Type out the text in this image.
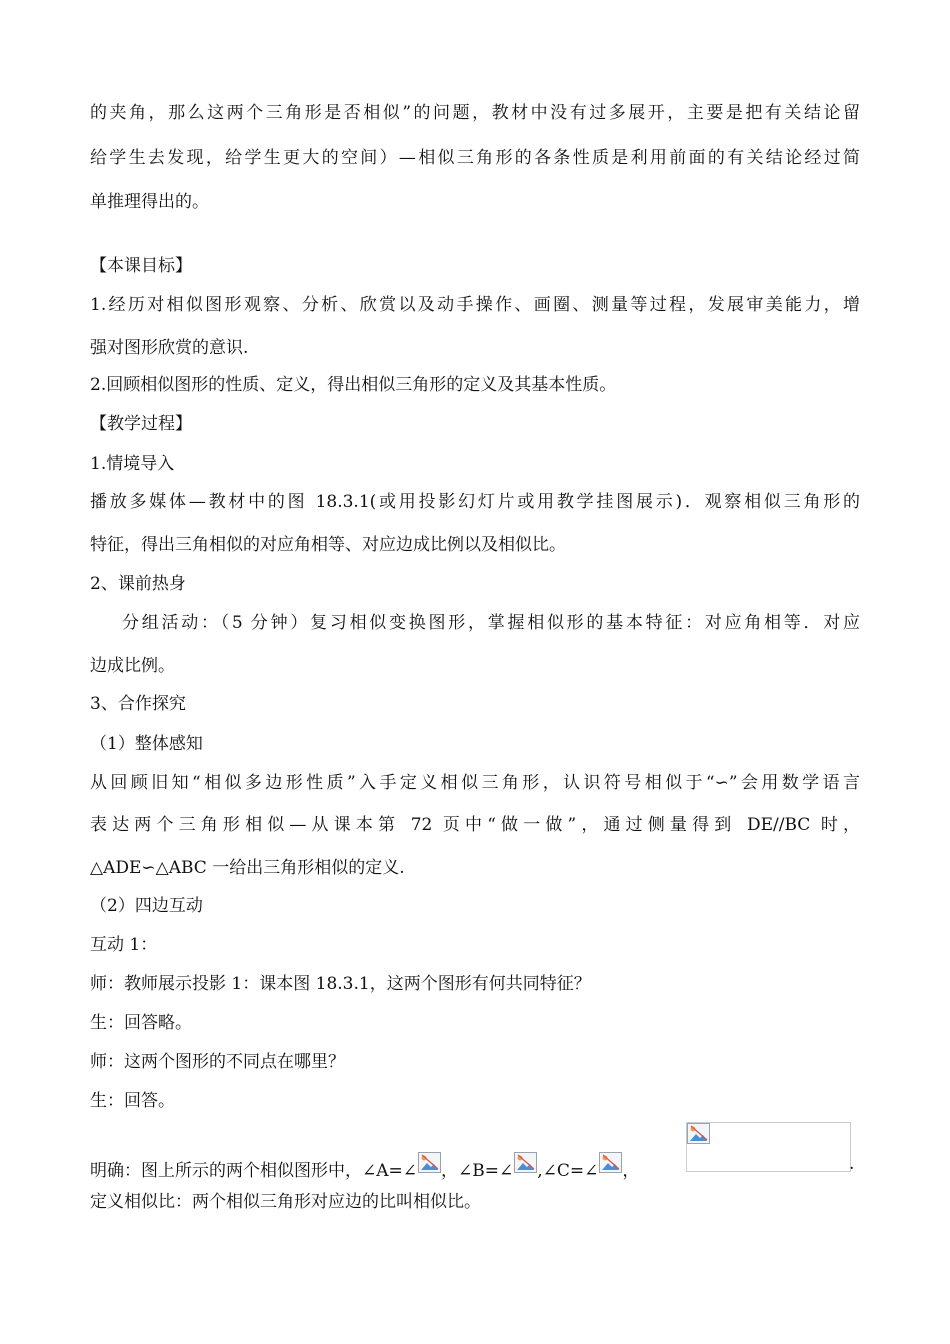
的夹角，那么这两个三角形是否相似”的问题，教材中没有过多展开，主要是把有关结论留
给学生去发现，给学生更大的空间）—相似三角形的各条性质是利用前面的有关结论经过简
单推理得出的。
【本课目标】
1.经历对相似图形观察、分析、欣赏以及动手操作、画圈、测量等过程，发展审美能力，增
强对图形欣赏的意识.
2.回顾相似图形的性质、定义，得出相似三角形的定义及其基本性质。
【教学过程】
1.情境导入
播放多媒体—教材中的图 18.3.1(或用投影幻灯片或用教学挂图展示)．观察相似三角形的
特征，得出三角相似的对应角相等、对应边成比例以及相似比。
2、课前热身
分组活动：（5 分钟）复习相似变换图形，掌握相似形的基本特征：对应角相等．对应
边成比例。
3、合作探究
（1）整体感知
从回顾旧知“相似多边形性质”入手定义相似三角形，认识符号相似于“∽”会用数学语言
表达两个三角形相似—从课本第 72 页中“做一做”，通过侧量得到 DE//BC 时，
△ADE∽△ABC 一给出三角形相似的定义.
（2）四边互动
互动 1：
师：教师展示投影 1：课本图 18.3.1，这两个图形有何共同特征？
生：回答略。
师：这两个图形的不同点在哪里？
生：回答。
明确：图上所示的两个相似图形中，∠A=∠ ，∠B=∠ ,∠C=∠ ，	.
定义相似比：两个相似三角形对应边的比叫相似比。
